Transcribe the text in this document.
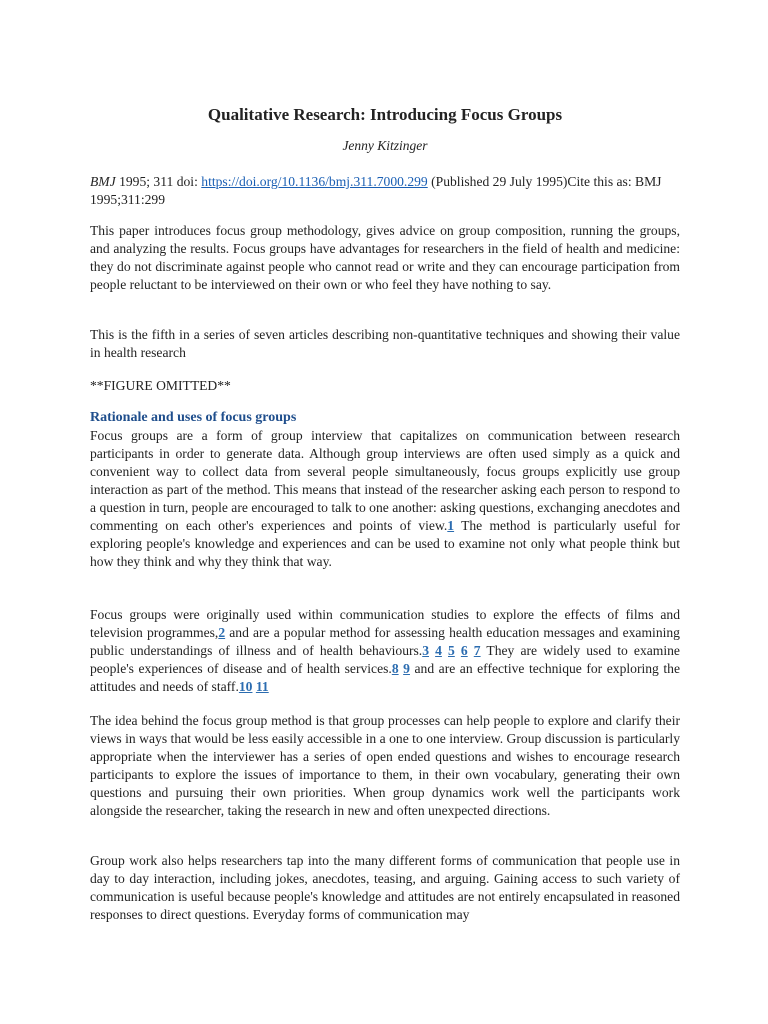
Qualitative Research: Introducing Focus Groups

Jenny Kitzinger

BMJ 1995; 311 doi: https://doi.org/10.1136/bmj.311.7000.299 (Published 29 July 1995)Cite this as: BMJ 1995;311:299

This paper introduces focus group methodology, gives advice on group composition, running the groups, and analyzing the results. Focus groups have advantages for researchers in the field of health and medicine: they do not discriminate against people who cannot read or write and they can encourage participation from people reluctant to be interviewed on their own or who feel they have nothing to say.

This is the fifth in a series of seven articles describing non-quantitative techniques and showing their value in health research

**FIGURE OMITTED**

Rationale and uses of focus groups

Focus groups are a form of group interview that capitalizes on communication between research participants in order to generate data. Although group interviews are often used simply as a quick and convenient way to collect data from several people simultaneously, focus groups explicitly use group interaction as part of the method. This means that instead of the researcher asking each person to respond to a question in turn, people are encouraged to talk to one another: asking questions, exchanging anecdotes and commenting on each other's experiences and points of view.1 The method is particularly useful for exploring people's knowledge and experiences and can be used to examine not only what people think but how they think and why they think that way.

Focus groups were originally used within communication studies to explore the effects of films and television programmes,2 and are a popular method for assessing health education messages and examining public understandings of illness and of health behaviours.3 4 5 6 7 They are widely used to examine people's experiences of disease and of health services.8 9 and are an effective technique for exploring the attitudes and needs of staff.10 11

The idea behind the focus group method is that group processes can help people to explore and clarify their views in ways that would be less easily accessible in a one to one interview. Group discussion is particularly appropriate when the interviewer has a series of open ended questions and wishes to encourage research participants to explore the issues of importance to them, in their own vocabulary, generating their own questions and pursuing their own priorities. When group dynamics work well the participants work alongside the researcher, taking the research in new and often unexpected directions.

Group work also helps researchers tap into the many different forms of communication that people use in day to day interaction, including jokes, anecdotes, teasing, and arguing. Gaining access to such variety of communication is useful because people's knowledge and attitudes are not entirely encapsulated in reasoned responses to direct questions. Everyday forms of communication may
